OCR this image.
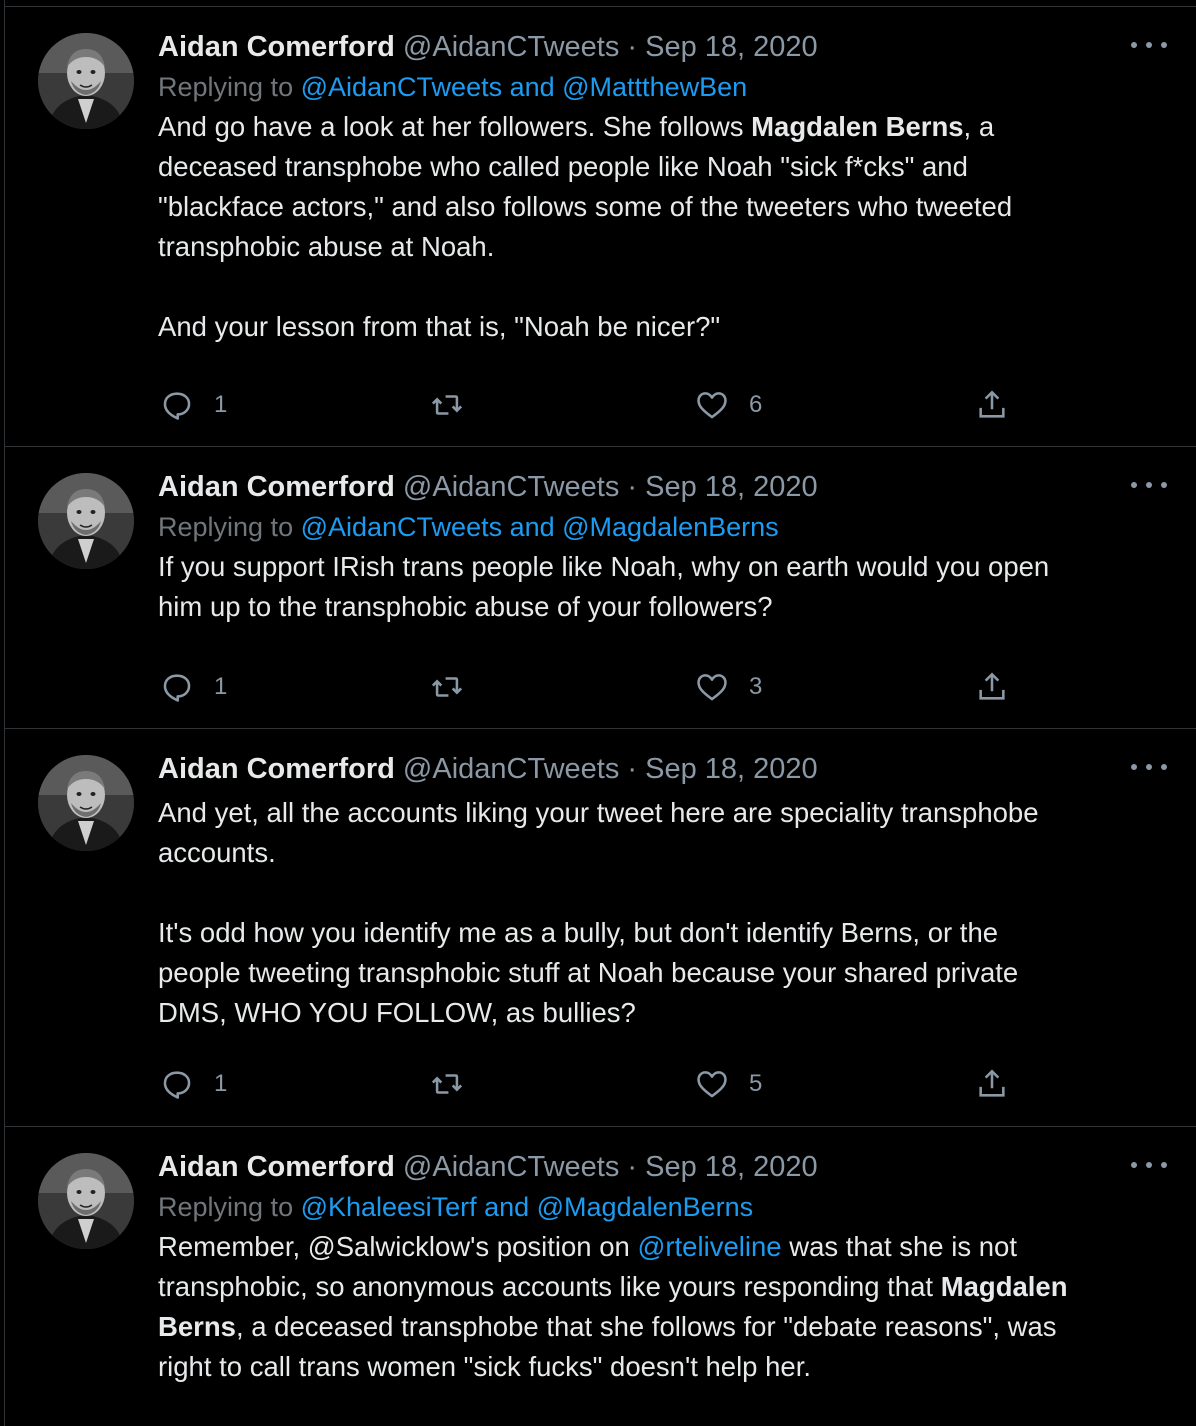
Aidan Comerford @AidanCTweets · Sep 18, 2020
Replying to @AidanCTweets and @MattthewBen
And go have a look at her followers. She follows Magdalen Berns, a
deceased transphobe who called people like Noah "sick f*cks" and
"blackface actors," and also follows some of the tweeters who tweeted
transphobic abuse at Noah.

And your lesson from that is, "Noah be nicer?"
1	6
Aidan Comerford @AidanCTweets · Sep 18, 2020
Replying to @AidanCTweets and @MagdalenBerns
If you support IRish trans people like Noah, why on earth would you open
him up to the transphobic abuse of your followers?
1	3
Aidan Comerford @AidanCTweets · Sep 18, 2020
And yet, all the accounts liking your tweet here are speciality transphobe
accounts.

It's odd how you identify me as a bully, but don't identify Berns, or the
people tweeting transphobic stuff at Noah because your shared private
DMS, WHO YOU FOLLOW, as bullies?
1	5
Aidan Comerford @AidanCTweets · Sep 18, 2020
Replying to @KhaleesiTerf and @MagdalenBerns
Remember, @Salwicklow's position on @rteliveline was that she is not
transphobic, so anonymous accounts like yours responding that Magdalen
Berns, a deceased transphobe that she follows for "debate reasons", was
right to call trans women "sick fucks" doesn't help her.
